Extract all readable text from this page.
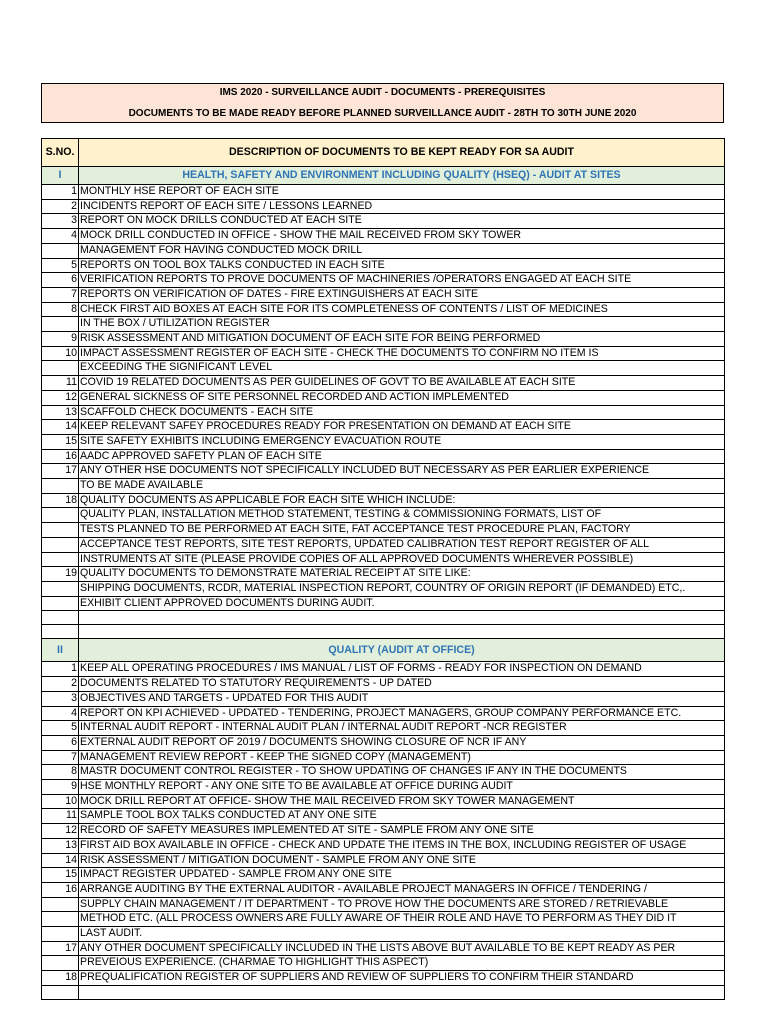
IMS 2020 - SURVEILLANCE AUDIT - DOCUMENTS - PREREQUISITES
DOCUMENTS TO BE MADE READY BEFORE PLANNED SURVEILLANCE AUDIT - 28TH TO 30TH JUNE 2020
S.NO.	DESCRIPTION OF DOCUMENTS TO BE KEPT READY FOR SA AUDIT
I	HEALTH, SAFETY AND ENVIRONMENT INCLUDING QUALITY (HSEQ) - AUDIT AT SITES
1	MONTHLY HSE REPORT OF EACH SITE
2	INCIDENTS REPORT OF EACH SITE / LESSONS LEARNED
3	REPORT ON MOCK DRILLS CONDUCTED AT EACH SITE
4	MOCK DRILL CONDUCTED IN OFFICE - SHOW THE MAIL RECEIVED FROM SKY TOWER
	MANAGEMENT FOR HAVING CONDUCTED MOCK DRILL
5	REPORTS ON TOOL BOX TALKS CONDUCTED IN EACH SITE
6	VERIFICATION REPORTS TO PROVE DOCUMENTS OF MACHINERIES /OPERATORS ENGAGED AT EACH SITE
7	REPORTS ON VERIFICATION OF DATES - FIRE EXTINGUISHERS AT EACH SITE
8	CHECK FIRST AID BOXES AT EACH SITE FOR ITS COMPLETENESS OF CONTENTS / LIST OF MEDICINES
	IN THE BOX / UTILIZATION REGISTER
9	RISK ASSESSMENT AND MITIGATION DOCUMENT OF EACH SITE FOR BEING PERFORMED
10	IMPACT ASSESSMENT REGISTER OF EACH SITE - CHECK THE DOCUMENTS TO CONFIRM NO ITEM IS
	EXCEEDING THE SIGNIFICANT LEVEL
11	COVID 19 RELATED DOCUMENTS AS PER GUIDELINES OF GOVT TO BE AVAILABLE AT EACH SITE
12	GENERAL SICKNESS OF SITE PERSONNEL RECORDED AND ACTION IMPLEMENTED
13	SCAFFOLD CHECK DOCUMENTS - EACH SITE
14	KEEP RELEVANT SAFEY PROCEDURES READY FOR PRESENTATION ON DEMAND AT EACH SITE
15	SITE SAFETY EXHIBITS INCLUDING EMERGENCY EVACUATION ROUTE
16	AADC APPROVED SAFETY PLAN OF EACH SITE
17	ANY OTHER HSE DOCUMENTS NOT SPECIFICALLY INCLUDED BUT NECESSARY AS PER EARLIER EXPERIENCE
	TO BE MADE AVAILABLE
18	QUALITY DOCUMENTS AS APPLICABLE FOR EACH SITE WHICH INCLUDE:
	QUALITY PLAN, INSTALLATION METHOD STATEMENT, TESTING & COMMISSIONING FORMATS, LIST OF
	TESTS PLANNED TO BE PERFORMED AT EACH SITE, FAT ACCEPTANCE TEST PROCEDURE PLAN, FACTORY
	ACCEPTANCE TEST REPORTS, SITE TEST REPORTS, UPDATED CALIBRATION TEST REPORT REGISTER OF ALL
	INSTRUMENTS AT SITE (PLEASE PROVIDE COPIES OF ALL APPROVED DOCUMENTS WHEREVER POSSIBLE)
19	QUALITY DOCUMENTS TO DEMONSTRATE MATERIAL RECEIPT AT SITE LIKE:
	SHIPPING DOCUMENTS, RCDR, MATERIAL INSPECTION REPORT, COUNTRY OF ORIGIN REPORT (IF DEMANDED) ETC,.
	EXHIBIT CLIENT APPROVED DOCUMENTS DURING AUDIT.

II	QUALITY (AUDIT AT OFFICE)
1	KEEP ALL OPERATING PROCEDURES / IMS MANUAL / LIST OF FORMS - READY FOR INSPECTION ON DEMAND
2	DOCUMENTS RELATED TO STATUTORY REQUIREMENTS - UP DATED
3	OBJECTIVES AND TARGETS - UPDATED FOR THIS AUDIT
4	REPORT ON KPI ACHIEVED - UPDATED - TENDERING, PROJECT MANAGERS, GROUP COMPANY PERFORMANCE ETC.
5	INTERNAL AUDIT REPORT - INTERNAL AUDIT PLAN / INTERNAL AUDIT REPORT -NCR REGISTER
6	EXTERNAL AUDIT REPORT OF 2019 / DOCUMENTS SHOWING CLOSURE OF NCR IF ANY
7	MANAGEMENT REVIEW REPORT - KEEP THE SIGNED COPY (MANAGEMENT)
8	MASTR DOCUMENT CONTROL REGISTER - TO SHOW UPDATING OF CHANGES IF ANY IN THE DOCUMENTS
9	HSE MONTHLY REPORT - ANY ONE SITE TO BE AVAILABLE AT OFFICE DURING AUDIT
10	MOCK DRILL REPORT AT OFFICE- SHOW THE MAIL RECEIVED FROM SKY TOWER MANAGEMENT
11	SAMPLE TOOL BOX TALKS CONDUCTED AT ANY ONE SITE
12	RECORD OF SAFETY MEASURES IMPLEMENTED AT SITE - SAMPLE FROM ANY ONE SITE
13	FIRST AID BOX AVAILABLE IN OFFICE - CHECK AND UPDATE THE ITEMS IN THE BOX, INCLUDING REGISTER OF USAGE
14	RISK ASSESSMENT / MITIGATION DOCUMENT - SAMPLE FROM ANY ONE SITE
15	IMPACT REGISTER UPDATED - SAMPLE FROM ANY ONE SITE
16	ARRANGE AUDITING BY THE EXTERNAL AUDITOR - AVAILABLE PROJECT MANAGERS IN OFFICE / TENDERING /
	SUPPLY CHAIN MANAGEMENT / IT DEPARTMENT - TO PROVE HOW THE DOCUMENTS ARE STORED / RETRIEVABLE
	METHOD ETC. (ALL PROCESS OWNERS ARE FULLY AWARE OF THEIR ROLE AND HAVE TO PERFORM AS THEY DID IT
	LAST AUDIT.
17	ANY OTHER DOCUMENT SPECIFICALLY INCLUDED IN THE LISTS ABOVE BUT AVAILABLE TO BE KEPT READY AS PER
	PREVEIOUS EXPERIENCE. (CHARMAE TO HIGHLIGHT THIS ASPECT)
18	PREQUALIFICATION REGISTER OF SUPPLIERS AND REVIEW OF SUPPLIERS TO CONFIRM THEIR STANDARD
